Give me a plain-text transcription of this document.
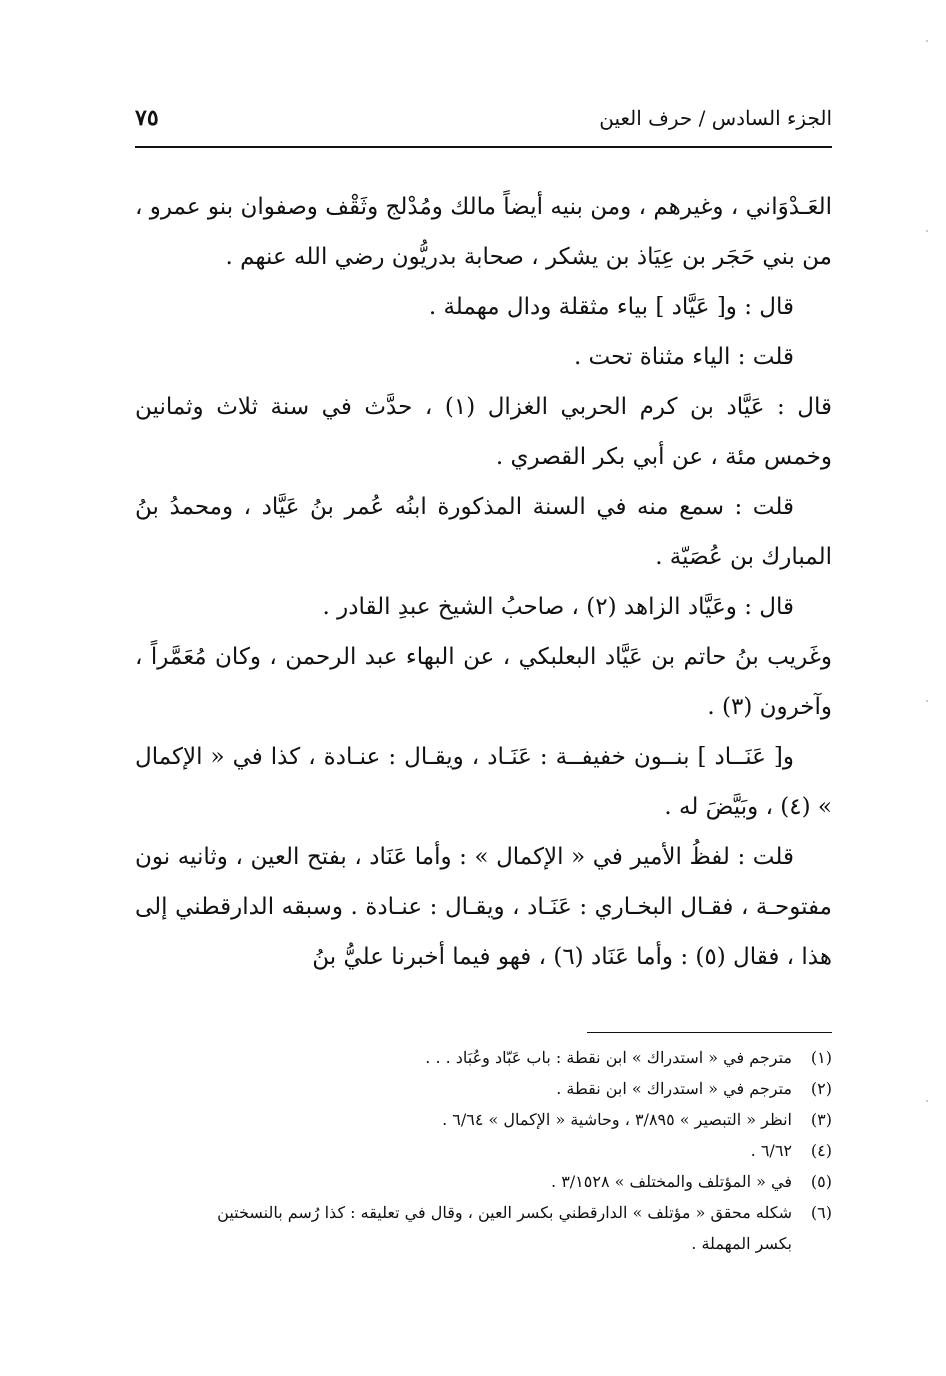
الجزء السادس / حرف العين
٧٥

العَـدْوَاني ، وغيرهم ، ومن بنيه أيضاً مالك ومُدْلج وثَقْف وصفوان بنو عمرو ، من بني حَجَر بن عِيَاذ بن يشكر ، صحابة بدريُّون رضي الله عنهم .

قال : و[ عَيَّاد ] بياء مثقلة ودال مهملة .

قلت : الياء مثناة تحت .

قال : عَيَّاد بن كرم الحربي الغزال (١) ، حدَّث في سنة ثلاث وثمانين وخمس مئة ، عن أبي بكر القصري .

قلت : سمع منه في السنة المذكورة ابنُه عُمر بنُ عَيَّاد ، ومحمدُ بنُ المبارك بن عُصَيّة .

قال : وعَيَّاد الزاهد (٢) ، صاحبُ الشيخ عبدِ القادر .

وغَريب بنُ حاتم بن عَيَّاد البعلبكي ، عن البهاء عبد الرحمن ، وكان مُعَمَّراً ، وآخرون (٣) .

و[ عَنَــاد ] بنــون خفيفــة : عَنَـاد ، ويقـال : عنـادة ، كذا في « الإكمال » (٤) ، وبَيَّضَ له .

قلت : لفظُ الأمير في « الإكمال » : وأما عَنَاد ، بفتح العين ، وثانيه نون مفتوحـة ، فقـال البخـاري : عَنَـاد ، ويقـال : عنـادة . وسبقه الدارقطني إلى هذا ، فقال (٥) : وأما عَنَاد (٦) ، فهو فيما أخبرنا عليُّ بنُ

(١)
مترجم في « استدراك » ابن نقطة : باب عَبّاد وعُبَاد . . .
(٢)
مترجم في « استدراك » ابن نقطة .
(٣)
انظر « التبصير » ٣/٨٩٥ ، وحاشية « الإكمال » ٦/٦٤ .
(٤)
٦/٦٢ .
(٥)
في « المؤتلف والمختلف » ٣/١٥٢٨ .
(٦)
شكله محقق « مؤتلف » الدارقطني بكسر العين ، وقال في تعليقه : كذا رُسم بالنسختين
بكسر المهملة .
